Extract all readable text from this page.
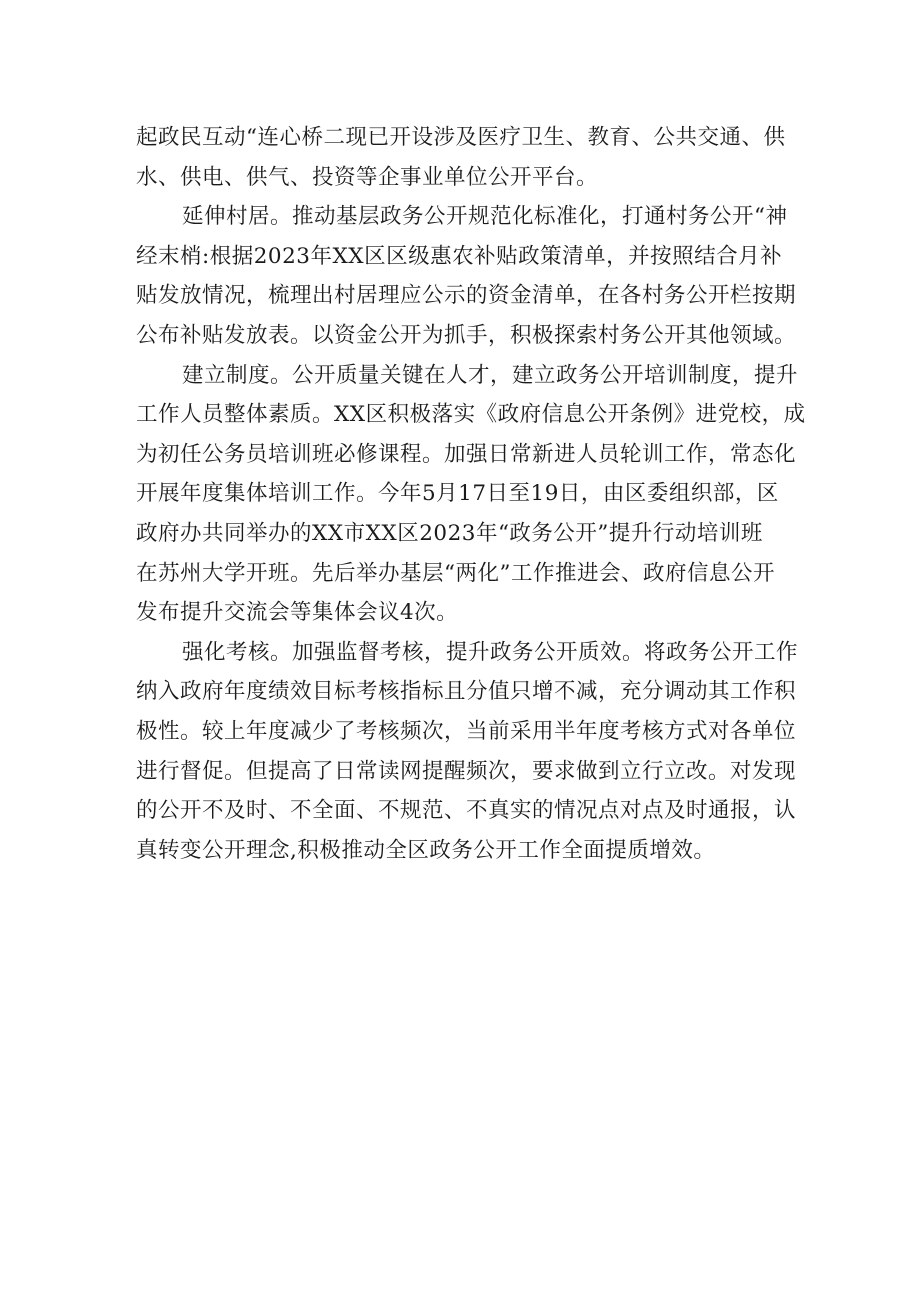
起政民互动“连心桥二现已开设涉及医疗卫生、教育、公共交通、供
水、供电、供气、投资等企事业单位公开平台。
延伸村居。推动基层政务公开规范化标准化，打通村务公开“神
经末梢:根据2023年XX区区级惠农补贴政策清单，并按照结合月补
贴发放情况，梳理出村居理应公示的资金清单，在各村务公开栏按期
公布补贴发放表。以资金公开为抓手，积极探索村务公开其他领域。
建立制度。公开质量关键在人才，建立政务公开培训制度，提升
工作人员整体素质。XX区积极落实《政府信息公开条例》进党校，成
为初任公务员培训班必修课程。加强日常新进人员轮训工作，常态化
开展年度集体培训工作。今年5月17日至19日，由区委组织部，区
政府办共同举办的XX市XX区2023年“政务公开”提升行动培训班
在苏州大学开班。先后举办基层“两化”工作推进会、政府信息公开
发布提升交流会等集体会议4次。
强化考核。加强监督考核，提升政务公开质效。将政务公开工作
纳入政府年度绩效目标考核指标且分值只增不减，充分调动其工作积
极性。较上年度减少了考核频次，当前采用半年度考核方式对各单位
进行督促。但提高了日常读网提醒频次，要求做到立行立改。对发现
的公开不及时、不全面、不规范、不真实的情况点对点及时通报，认
真转变公开理念,积极推动全区政务公开工作全面提质增效。
